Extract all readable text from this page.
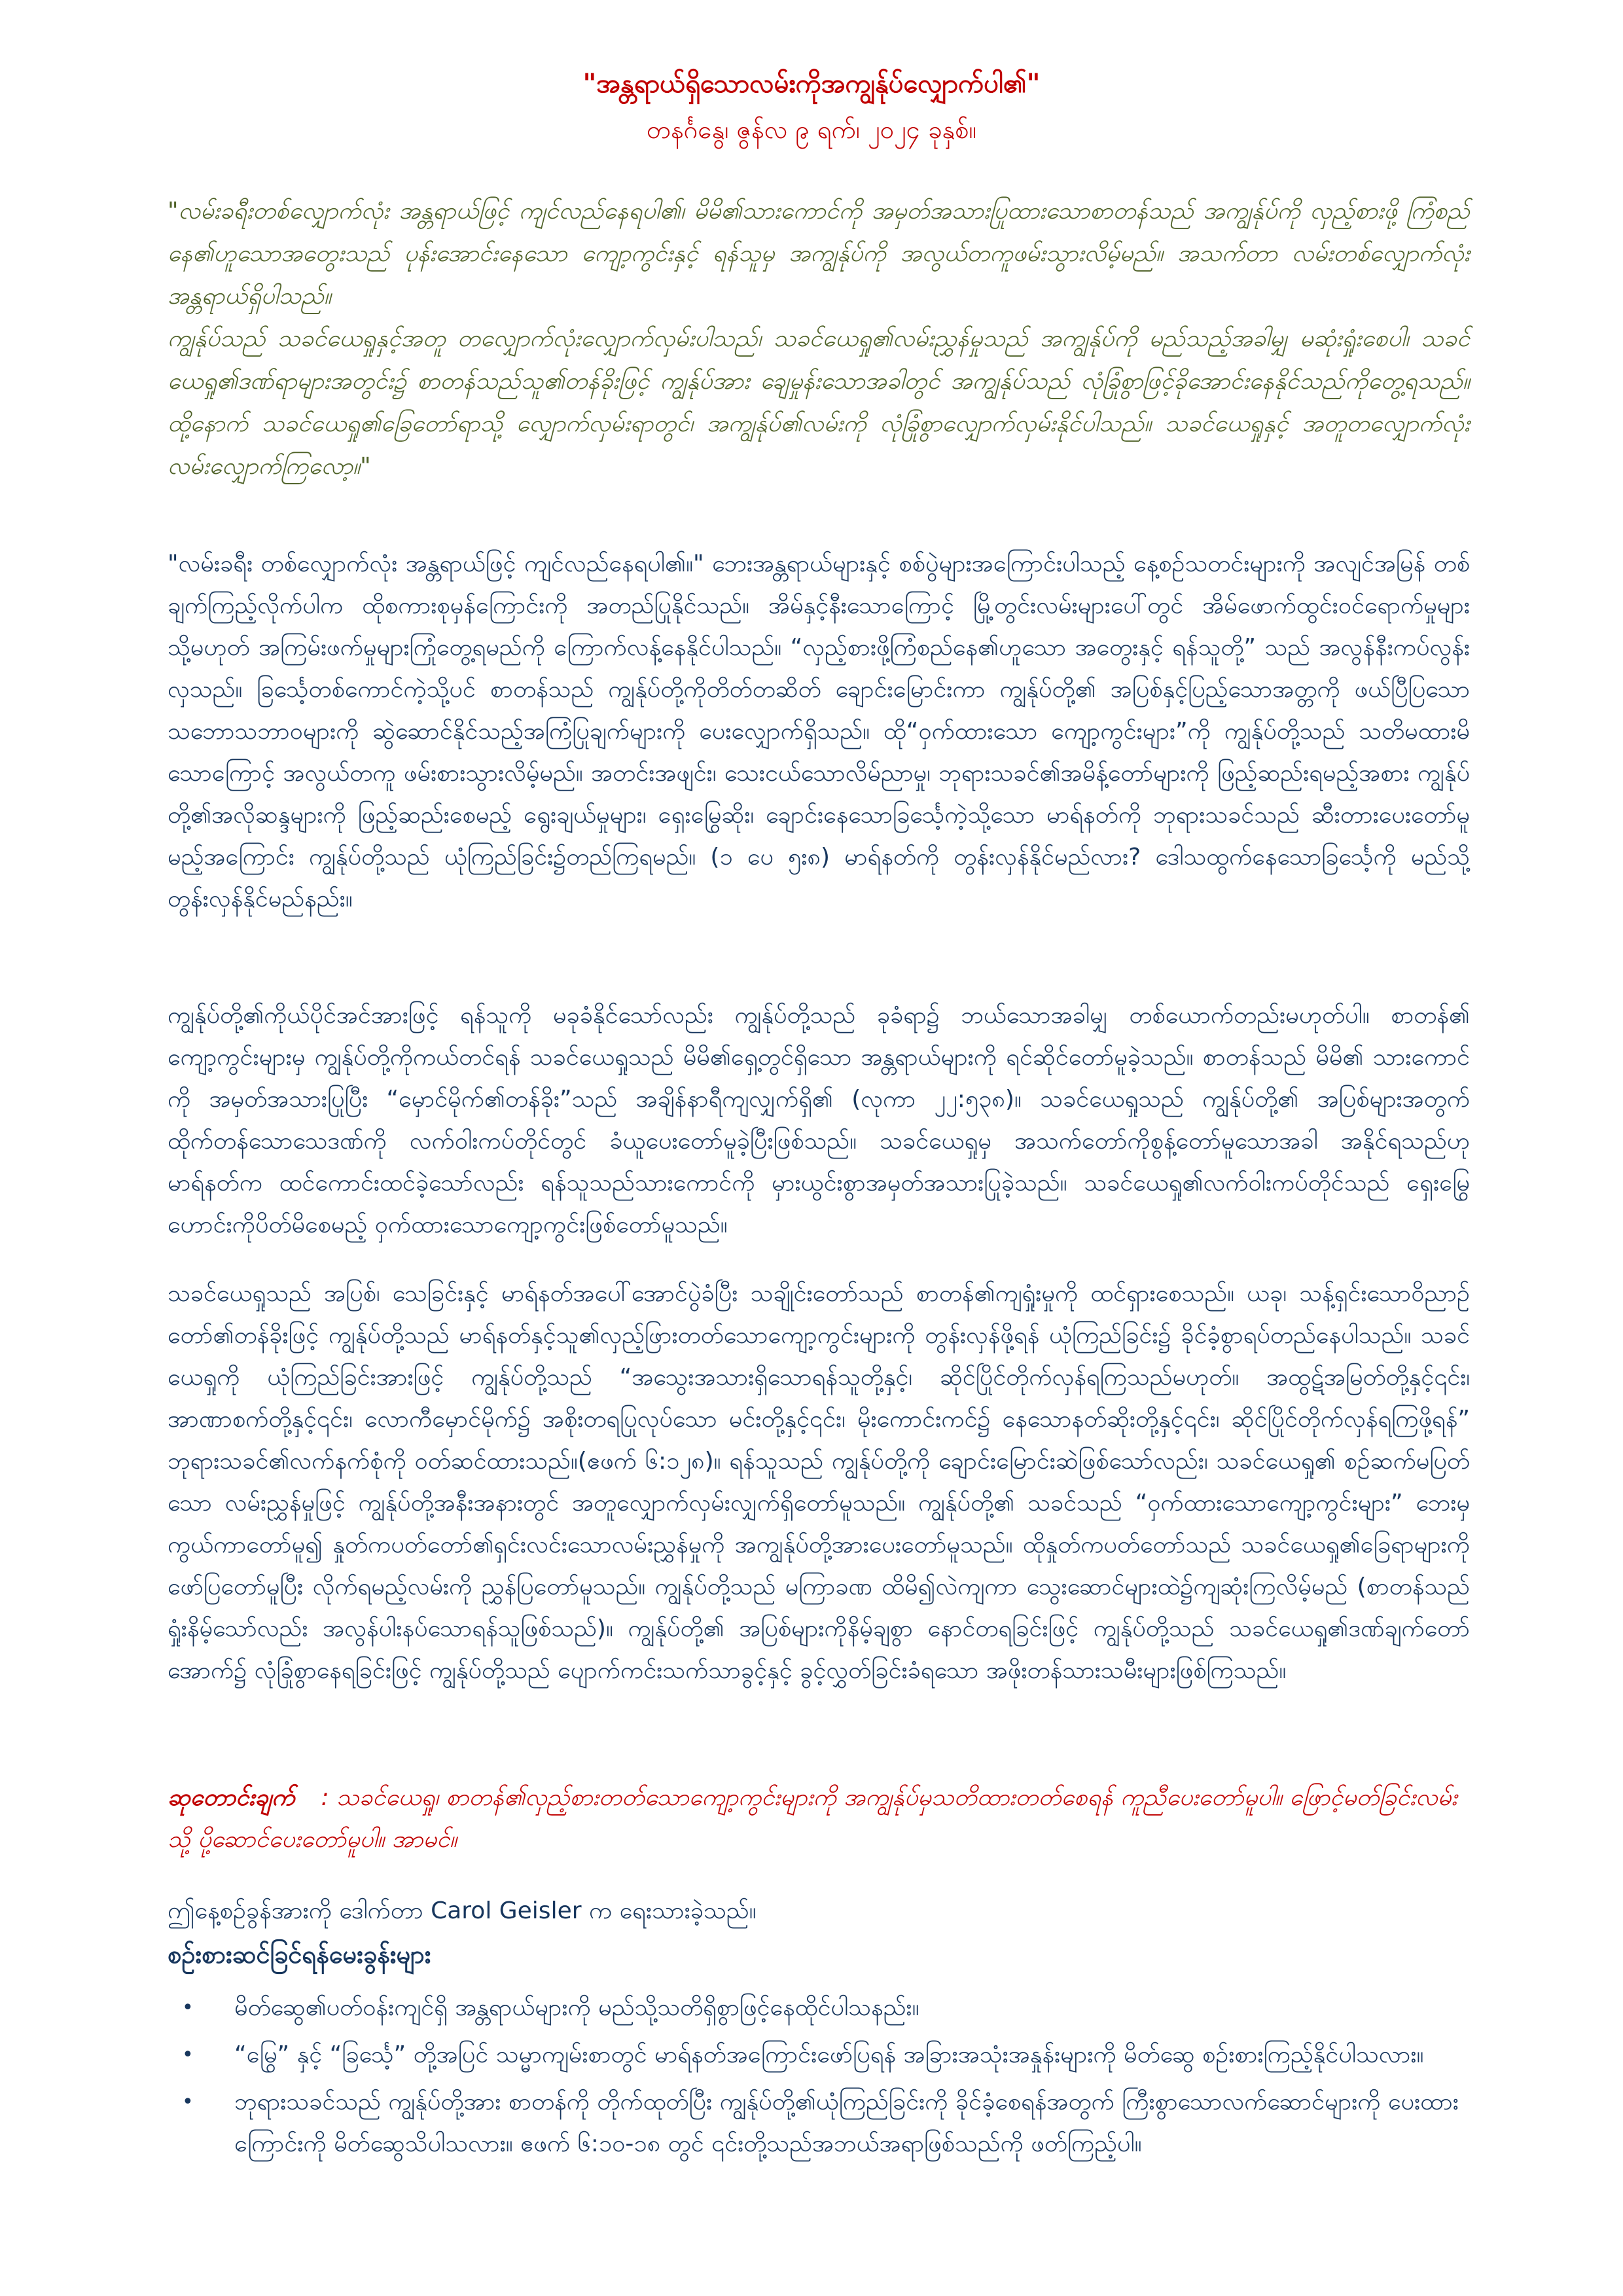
"အန္တရာယ်ရှိသောလမ်းကိုအကျွန်ုပ်လျှောက်ပါ၏"
တနင်္ဂနွေ၊ ဇွန်လ ၉ ရက်၊ ၂၀၂၄ ခုနှစ်။

"လမ်းခရီးတစ်လျှောက်လုံး အန္တရာယ်ဖြင့် ကျင်လည်နေရပါ၏၊ မိမိ၏သားကောင်ကို အမှတ်အသားပြုထားသောစာတန်သည် အကျွန်ုပ်ကို လှည့်စားဖို့ ကြံစည်နေ၏ဟူသောအတွေးသည် ပုန်းအောင်းနေသော ကျော့ကွင်းနှင့် ရန်သူမှ အကျွန်ုပ်ကို အလွယ်တကူဖမ်းသွားလိမ့်မည်။ အသက်တာ လမ်းတစ်လျှောက်လုံး အန္တရာယ်ရှိပါသည်။

ကျွန်ုပ်သည် သခင်ယေရှုနှင့်အတူ တလျှောက်လုံးလျှောက်လှမ်းပါသည်၊ သခင်ယေရှု၏လမ်းညွှန်မှုသည် အကျွန်ုပ်ကို မည်သည့်အခါမျှ မဆုံးရှုံးစေပါ၊ သခင်ယေရှု၏ဒဏ်ရာများအတွင်း၌ စာတန်သည်သူ၏တန်ခိုးဖြင့် ကျွန်ုပ်အား ချေမှုန်းသောအခါတွင် အကျွန်ုပ်သည် လုံခြုံစွာဖြင့်ခိုအောင်းနေနိုင်သည်ကိုတွေ့ရသည်။ ထို့နောက် သခင်ယေရှု၏ခြေတော်ရာသို့ လျှောက်လှမ်းရာတွင်၊ အကျွန်ုပ်၏လမ်းကို လုံခြုံစွာလျှောက်လှမ်းနိုင်ပါသည်။ သခင်ယေရှုနှင့် အတူတလျှောက်လုံး လမ်းလျှောက်ကြလော့။"

"လမ်းခရီး တစ်လျှောက်လုံး အန္တရာယ်ဖြင့် ကျင်လည်နေရပါ၏။" ဘေးအန္တရာယ်များနှင့် စစ်ပွဲများအကြောင်းပါသည့် နေ့စဉ်သတင်းများကို အလျင်အမြန် တစ်ချက်ကြည့်လိုက်ပါက ထိုစကားစုမှန်ကြောင်းကို အတည်ပြုနိုင်သည်။ အိမ်နှင့်နီးသောကြောင့် မြို့တွင်းလမ်းများပေါ်တွင် အိမ်ဖောက်ထွင်းဝင်ရောက်မှုများ သို့မဟုတ် အကြမ်းဖက်မှုများကြုံတွေ့ရမည်ကို ကြောက်လန့်နေနိုင်ပါသည်။ “လှည့်စားဖို့ကြံစည်နေ၏ဟူသော အတွေးနှင့် ရန်သူတို့” သည် အလွန်နီးကပ်လွန်းလှသည်။ ခြင်္သေ့တစ်ကောင်ကဲ့သို့ပင် စာတန်သည် ကျွန်ုပ်တို့ကိုတိတ်တဆိတ် ချောင်းမြောင်းကာ ကျွန်ုပ်တို့၏ အပြစ်နှင့်ပြည့်သောအတ္တကို ဖယ်ပြီပြသော သဘောသဘာဝများကို ဆွဲဆောင်နိုင်သည့်အကြံပြုချက်များကို ပေးလျှောက်ရှိသည်။ ထို“ဝှက်ထားသော ကျော့ကွင်းများ”ကို ကျွန်ုပ်တို့သည် သတိမထားမိသောကြောင့် အလွယ်တကူ ဖမ်းစားသွားလိမ့်မည်။ အတင်းအဖျင်း၊ သေးငယ်သောလိမ်ညာမှု၊ ဘုရားသခင်၏အမိန့်တော်များကို ဖြည့်ဆည်းရမည့်အစား ကျွန်ုပ်တို့၏အလိုဆန္ဒများကို ဖြည့်ဆည်းစေမည့် ရွေးချယ်မှုများ၊ ရှေးမြွေဆိုး၊ ချောင်းနေသောခြင်္သေ့ကဲ့သို့သော မာရ်နတ်ကို ဘုရားသခင်သည် ဆီးတားပေးတော်မူမည့်အကြောင်း ကျွန်ုပ်တို့သည် ယုံကြည်ခြင်း၌တည်ကြရမည်။ (၁ ပေ ၅း၈) မာရ်နတ်ကို တွန်းလှန်နိုင်မည်လား? ဒေါသထွက်နေသောခြင်္သေ့ကို မည်သို့တွန်းလှန်နိုင်မည်နည်း။

ကျွန်ုပ်တို့၏ကိုယ်ပိုင်အင်အားဖြင့် ရန်သူကို မခုခံနိုင်သော်လည်း ကျွန်ုပ်တို့သည် ခုခံရာ၌ ဘယ်သောအခါမျှ တစ်ယောက်တည်းမဟုတ်ပါ။ စာတန်၏ ကျော့ကွင်းများမှ ကျွန်ုပ်တို့ကိုကယ်တင်ရန် သခင်ယေရှုသည် မိမိ၏ရှေ့တွင်ရှိသော အန္တရာယ်များကို ရင်ဆိုင်တော်မူခဲ့သည်။ စာတန်သည် မိမိ၏ သားကောင်ကို အမှတ်အသားပြုပြီး “မှောင်မိုက်၏တန်ခိုး”သည် အချိန်နာရီကျလျှက်ရှိ၏ (လုကာ ၂၂:၅၃၈)။ သခင်ယေရှုသည် ကျွန်ုပ်တို့၏ အပြစ်များအတွက် ထိုက်တန်သောသေဒဏ်ကို လက်ဝါးကပ်တိုင်တွင် ခံယူပေးတော်မူခဲ့ပြီးဖြစ်သည်။ သခင်ယေရှုမှ အသက်တော်ကိုစွန့်တော်မူသောအခါ အနိုင်ရသည်ဟု မာရ်နတ်က ထင်ကောင်းထင်ခဲ့သော်လည်း ရန်သူသည်သားကောင်ကို မှားယွင်းစွာအမှတ်အသားပြုခဲ့သည်။ သခင်ယေရှု၏လက်ဝါးကပ်တိုင်သည် ရှေးမြွေဟောင်းကိုပိတ်မိစေမည့် ဝှက်ထားသောကျော့ကွင်းဖြစ်တော်မူသည်။

သခင်ယေရှုသည် အပြစ်၊ သေခြင်းနှင့် မာရ်နတ်အပေါ်အောင်ပွဲခံပြီး သချိုင်းတော်သည် စာတန်၏ကျရှုံးမှုကို ထင်ရှားစေသည်။ ယခု၊ သန့်ရှင်းသောဝိညာဉ်တော်၏တန်ခိုးဖြင့် ကျွန်ုပ်တို့သည် မာရ်နတ်နှင့်သူ၏လှည့်ဖြားတတ်သောကျော့ကွင်းများကို တွန်းလှန်ဖို့ရန် ယုံကြည်ခြင်း၌ ခိုင်ခံ့စွာရပ်တည်နေပါသည်။ သခင်ယေရှုကို ယုံကြည်ခြင်းအားဖြင့် ကျွန်ုပ်တို့သည် “အသွေးအသားရှိသောရန်သူတို့နှင့်၊ ဆိုင်ပြိုင်တိုက်လှန်ရကြသည်မဟုတ်။ အထွဋ်အမြတ်တို့နှင့်၎င်း၊ အာဏာစက်တို့နှင့်၎င်း၊ လောကီမှောင်မိုက်၌ အစိုးတရပြုလုပ်သော မင်းတို့နှင့်၎င်း၊ မိုးကောင်းကင်၌ နေသောနတ်ဆိုးတို့နှင့်၎င်း၊ ဆိုင်ပြိုင်တိုက်လှန်ရကြဖို့ရန်” ဘုရားသခင်၏လက်နက်စုံကို ဝတ်ဆင်ထားသည်။(ဧဖက် ၆:၁၂၈)။ ရန်သူသည် ကျွန်ုပ်တို့ကို ချောင်းမြောင်းဆဲဖြစ်သော်လည်း၊ သခင်ယေရှု၏ စဉ်ဆက်မပြတ်သော လမ်းညွှန်မှုဖြင့် ကျွန်ုပ်တို့အနီးအနားတွင် အတူလျှောက်လှမ်းလျှက်ရှိတော်မူသည်။ ကျွန်ုပ်တို့၏ သခင်သည် “ဝှက်ထားသောကျော့ကွင်းများ” ဘေးမှကွယ်ကာတော်မူ၍ နှုတ်ကပတ်တော်၏ရှင်းလင်းသောလမ်းညွှန်မှုကို အကျွန်ုပ်တို့အားပေးတော်မူသည်။ ထိုနှုတ်ကပတ်တော်သည် သခင်ယေရှု၏ခြေရာများကို ဖော်ပြတော်မူပြီး လိုက်ရမည့်လမ်းကို ညွှန်ပြတော်မူသည်။ ကျွန်ုပ်တို့သည် မကြာခဏ ထိမိ၍လဲကျကာ သွေးဆောင်များထဲ၌ကျဆုံးကြလိမ့်မည် (စာတန်သည်ရှုံးနိမ့်သော်လည်း အလွန်ပါးနပ်သောရန်သူဖြစ်သည်)။ ကျွန်ုပ်တို့၏ အပြစ်များကိုနိမ့်ချစွာ နောင်တရခြင်းဖြင့် ကျွန်ုပ်တို့သည် သခင်ယေရှု၏ဒဏ်ချက်တော်အောက်၌ လုံခြုံစွာနေရခြင်းဖြင့် ကျွန်ုပ်တို့သည် ပျောက်ကင်းသက်သာခွင့်နှင့် ခွင့်လွှတ်ခြင်းခံရသော အဖိုးတန်သားသမီးများဖြစ်ကြသည်။

ဆုတောင်းချက် : သခင်ယေရှု၊ စာတန်၏လှည့်စားတတ်သောကျော့ကွင်းများကို အကျွန်ုပ်မှသတိထားတတ်စေရန် ကူညီပေးတော်မူပါ။ ဖြောင့်မတ်ခြင်းလမ်းသို့ ပို့ဆောင်ပေးတော်မူပါ။ အာမင်။

ဤနေ့စဉ်ခွန်အားကို ဒေါက်တာ Carol Geisler က ရေးသားခဲ့သည်။

စဉ်းစားဆင်ခြင်ရန်မေးခွန်းများ

• မိတ်ဆွေ၏ပတ်ဝန်းကျင်ရှိ အန္တရာယ်များကို မည်သို့သတိရှိစွာဖြင့်နေထိုင်ပါသနည်း။
• “မြွေ” နှင့် “ခြင်္သေ့” တို့အပြင် သမ္မာကျမ်းစာတွင် မာရ်နတ်အကြောင်းဖော်ပြရန် အခြားအသုံးအနှုန်းများကို မိတ်ဆွေ စဉ်းစားကြည့်နိုင်ပါသလား။
• ဘုရားသခင်သည် ကျွန်ုပ်တို့အား စာတန်ကို တိုက်ထုတ်ပြီး ကျွန်ုပ်တို့၏ယုံကြည်ခြင်းကို ခိုင်ခံ့စေရန်အတွက် ကြီးစွာသောလက်ဆောင်များကို ပေးထားကြောင်းကို မိတ်ဆွေသိပါသလား။ ဧဖက် ၆:၁၀-၁၈ တွင် ၎င်းတို့သည်အဘယ်အရာဖြစ်သည်ကို ဖတ်ကြည့်ပါ။
